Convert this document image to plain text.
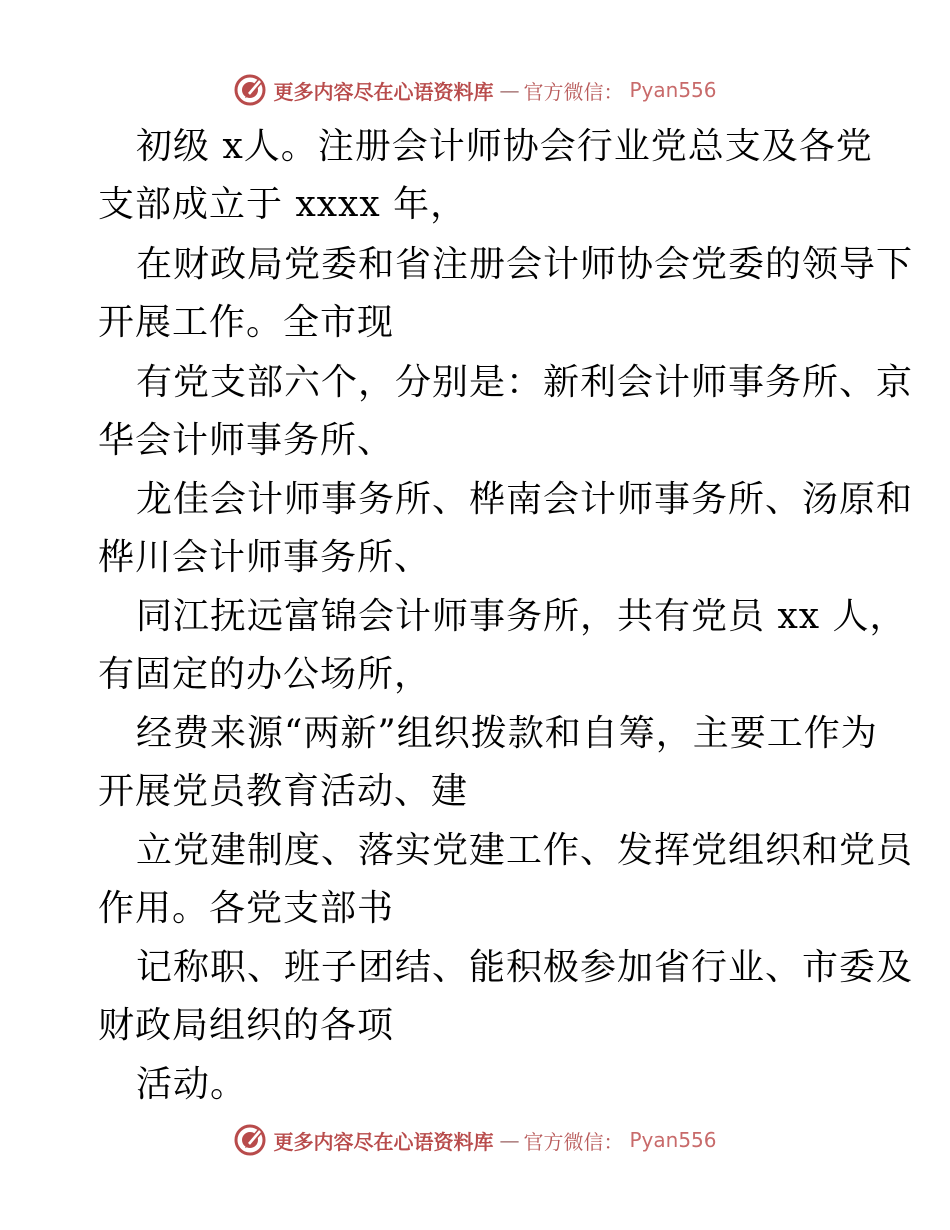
更多内容尽在心语资料库 — 官方微信： Pyan556
初级 x人。注册会计师协会行业党总支及各党
支部成立于 xxxx 年，
在财政局党委和省注册会计师协会党委的领导下
开展工作。全市现
有党支部六个，分别是：新利会计师事务所、京
华会计师事务所、
龙佳会计师事务所、桦南会计师事务所、汤原和
桦川会计师事务所、
同江抚远富锦会计师事务所，共有党员 xx 人，
有固定的办公场所，
经费来源“两新”组织拨款和自筹，主要工作为
开展党员教育活动、建
立党建制度、落实党建工作、发挥党组织和党员
作用。各党支部书
记称职、班子团结、能积极参加省行业、市委及
财政局组织的各项
活动。
更多内容尽在心语资料库 — 官方微信： Pyan556
